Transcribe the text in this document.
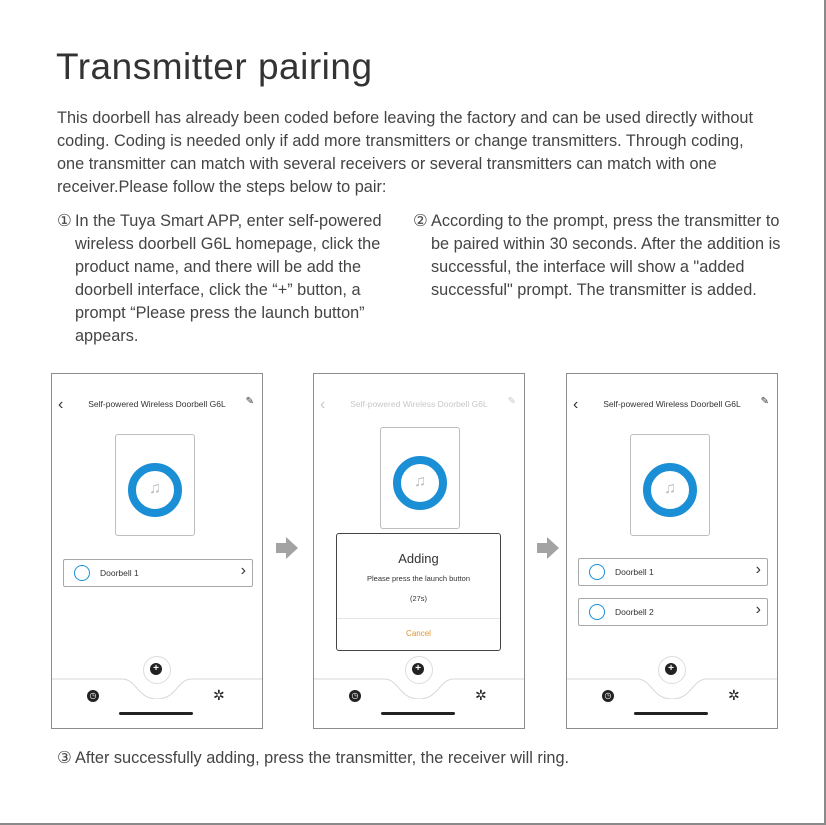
Transmitter pairing
This doorbell has already been coded before leaving the factory and can be used directly without coding. Coding is needed only if add more transmitters or change transmitters. Through coding, one transmitter can match with several receivers or several transmitters can match with one receiver.Please follow the steps below to pair:
① In the Tuya Smart APP, enter self-powered wireless doorbell G6L homepage, click the product name, and there will be add the doorbell interface, click the “+” button, a prompt “Please press the launch button” appears.
② According to the prompt, press the transmitter to be paired within 30 seconds. After the addition is successful, the interface will show a "added successful" prompt. The transmitter is added.
‹	Self-powered Wireless Doorbell G6L	✎
♫
Doorbell 1	›
+
◷	✲
‹	Self-powered Wireless Doorbell G6L	✎
♫
+
◷	✲
Adding
Please press the launch button
(27s)
Cancel
‹	Self-powered Wireless Doorbell G6L	✎
♫
Doorbell 1	›
Doorbell 2	›
+
◷	✲
③ After successfully adding, press the transmitter, the receiver will ring.
